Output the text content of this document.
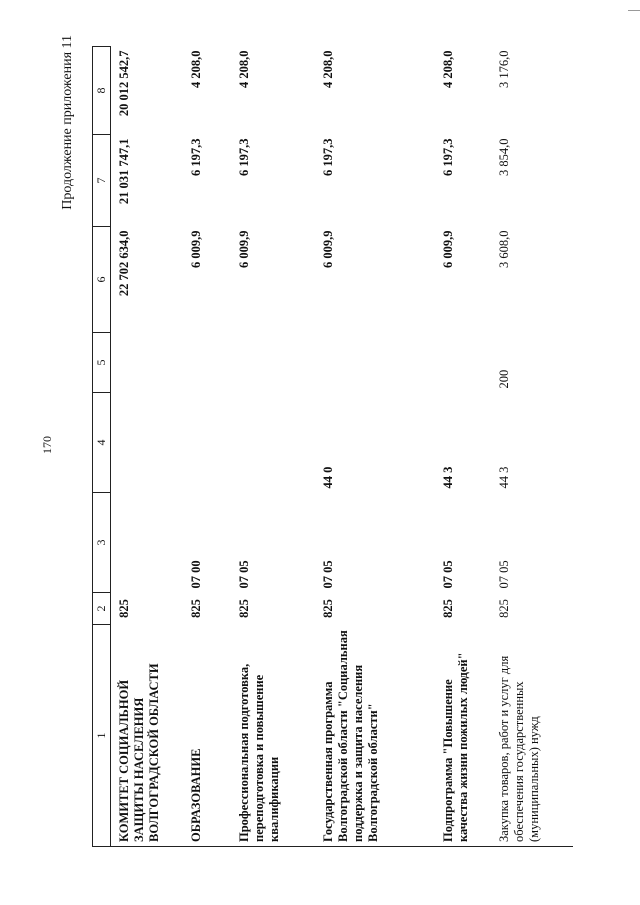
170
Продолжение приложения 11
1	2	3	4	5	6	7	8
КОМИТЕТ СОЦИАЛЬНОЙ ЗАЩИТЫ НАСЕЛЕНИЯ ВОЛГОГРАДСКОЙ ОБЛАСТИ	825				22 702 634,0	21 031 747,1	20 012 542,7
ОБРАЗОВАНИЕ	825	07 00			6 009,9	6 197,3	4 208,0
Профессиональная подготовка, переподготовка и повышение квалификации	825	07 05			6 009,9	6 197,3	4 208,0
Государственная программа Волгоградской области "Социальная поддержка и защита населения Волгоградской области"	825	07 05	44 0		6 009,9	6 197,3	4 208,0
Подпрограмма "Повышение качества жизни пожилых людей"	825	07 05	44 3		6 009,9	6 197,3	4 208,0
Закупка товаров, работ и услуг для обеспечения государственных (муниципальных) нужд	825	07 05	44 3	200	3 608,0	3 854,0	3 176,0
